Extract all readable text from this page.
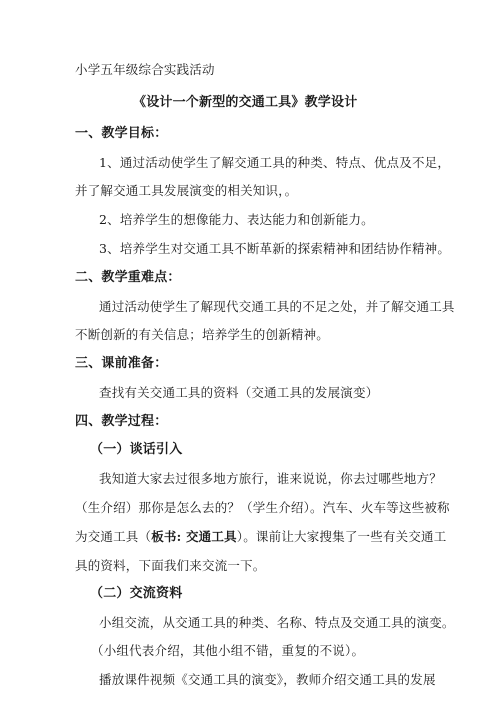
小学五年级综合实践活动
《设计一个新型的交通工具》教学设计
一、教学目标：
1、通过活动使学生了解交通工具的种类、特点、优点及不足，
并了解交通工具发展演变的相关知识，。
2、培养学生的想像能力、表达能力和创新能力。
3、培养学生对交通工具不断革新的探索精神和团结协作精神。
二、教学重难点：
通过活动使学生了解现代交通工具的不足之处，并了解交通工具
不断创新的有关信息；培养学生的创新精神。
三、课前准备：
查找有关交通工具的资料（交通工具的发展演变）
四、教学过程：
（一）谈话引入
我知道大家去过很多地方旅行，谁来说说，你去过哪些地方？
（生介绍）那你是怎么去的？（学生介绍）。汽车、火车等这些被称
为交通工具（板书: 交通工具）。课前让大家搜集了一些有关交通工
具的资料，下面我们来交流一下。
（二）交流资料
小组交流，从交通工具的种类、名称、特点及交通工具的演变。
（小组代表介绍，其他小组不错，重复的不说）。
播放课件视频《交通工具的演变》，教师介绍交通工具的发展
